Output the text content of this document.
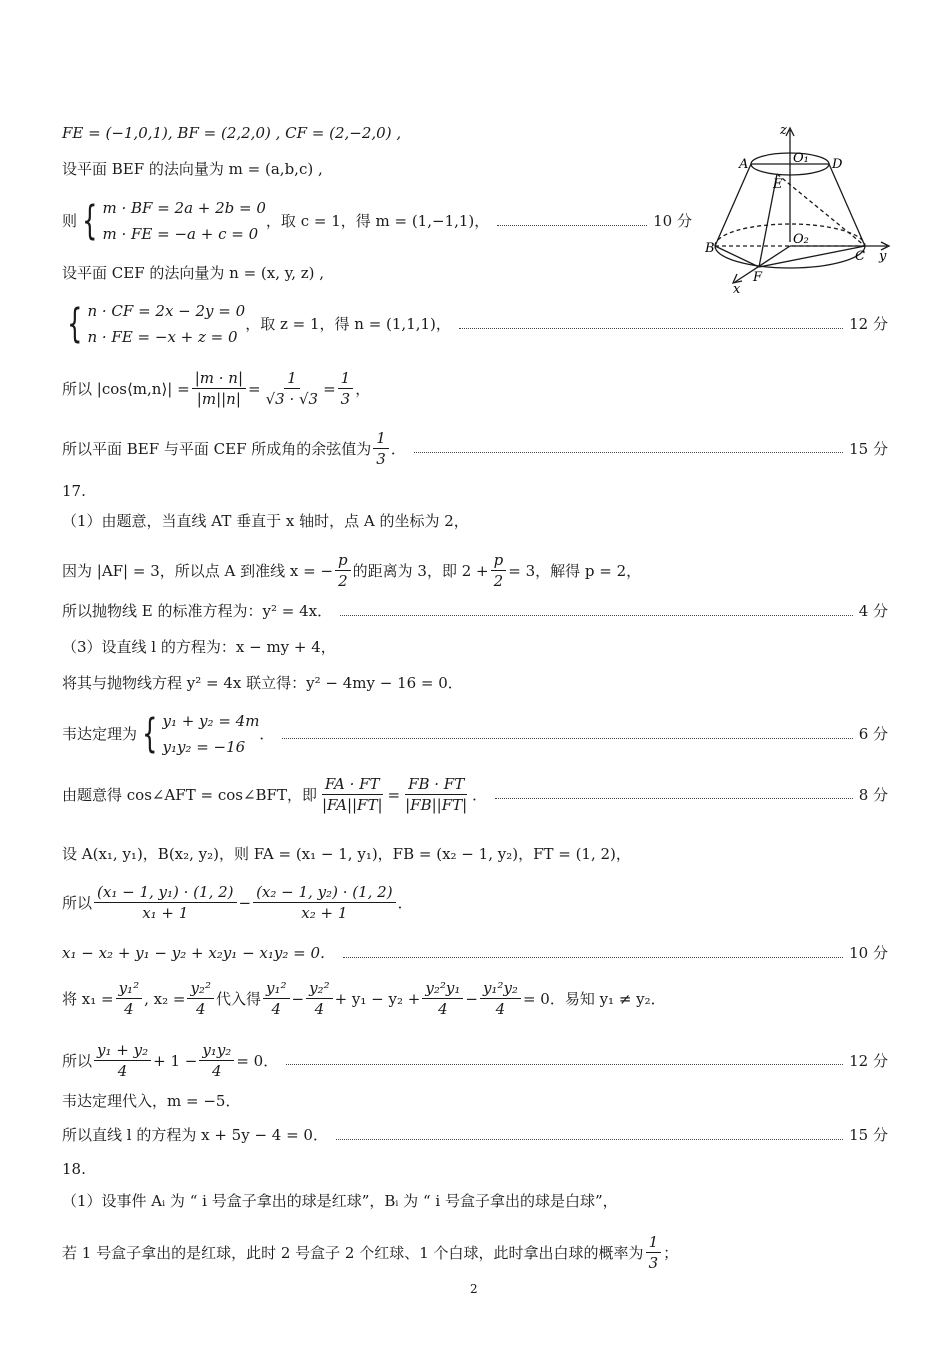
FE = (−1,0,1), BF = (2,2,0) , CF = (2,−2,0) ,
设平面 BEF 的法向量为 m = (a,b,c) ,
则 { m · BF = 2a + 2b = 0
m · FE = −a + c = 0
，取 c = 1，得 m = (1,−1,1)，	10 分
设平面 CEF 的法向量为 n = (x, y, z) ,
{ n · CF = 2x − 2y = 0
n · FE = −x + z = 0
，取 z = 1，得 n = (1,1,1)，	12 分
所以 |cos⟨m,n⟩| = $\frac{|m \cdot n|}{|m||n|} = \frac{1}{√3 \cdot √3} = \frac{1}{3}$ ，
所以平面 BEF 与平面 CEF 所成角的余弦值为 $\frac{1}{3}$ ．	15 分
17.
（1）由题意，当直线 AT 垂直于 x 轴时，点 A 的坐标为 2，
因为 |AF| = 3，所以点 A 到准线 x = − $\frac{p}{2}$ 的距离为 3，即 $2 + \frac{p}{2} = 3$，解得 p = 2，
所以抛物线 E 的标准方程为：y² = 4x．	4 分
（3）设直线 l 的方程为：x − my + 4，
将其与抛物线方程 y² = 4x 联立得：y² − 4my − 16 = 0．
韦达定理为 { y₁ + y₂ = 4m
y₁y₂ = −16
．	6 分
由题意得 cos∠AFT = cos∠BFT，即 $\frac{FA \cdot FT}{|FA||FT|} = \frac{FB \cdot FT}{|FB||FT|}$ ．	8 分
设 A(x₁, y₁)，B(x₂, y₂)，则 FA = (x₁ − 1, y₁)，FB = (x₂ − 1, y₂)，FT = (1, 2)，
所以 $\frac{\text{(x₁ − 1, y₁) · (1, 2)}}{\text{x₁ + 1}} - \frac{\text{(x₂ − 1, y₂) · (1, 2)}}{\text{x₂ + 1}}$ ．
x₁ − x₂ + y₁ − y₂ + x₂y₁ − x₁y₂ = 0．	10 分
将 $x_1 = \frac{\text{y₁²}}{4}$ , $x_2 = \frac{\text{y₂²}}{4}$ 代入得 $\frac{\text{y₁²}}{4} - \frac{\text{y₂²}}{4} + y_1 - y_2 + \frac{\text{y₂²y₁}}{4} - \frac{\text{y₁²y₂}}{4} = 0$．易知 y₁ ≠ y₂．
所以 $\frac{\text{y₁ + y₂}}{4} + 1 - \frac{\text{y₁y₂}}{4} = 0$．	12 分
韦达定理代入，m = −5．
所以直线 l 的方程为 x + 5y − 4 = 0．	15 分
18.
（1）设事件 Aᵢ 为 “ i 号盒子拿出的球是红球”，Bᵢ 为 “ i 号盒子拿出的球是白球”，
若 1 号盒子拿出的是红球，此时 2 号盒子 2 个红球、1 个白球，此时拿出白球的概率为 $\frac{1}{3}$ ；
2
z
A	D
O₁
E
B
O₂
C y
F
x
